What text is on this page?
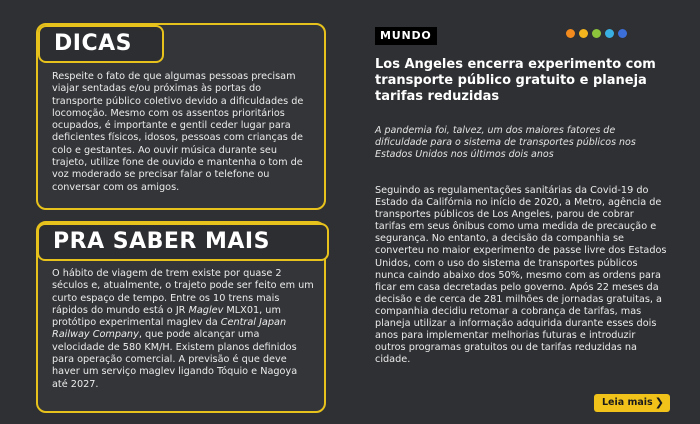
DICAS

Respeite o fato de que algumas pessoas precisam viajar sentadas e/ou próximas às portas do transporte público coletivo devido a dificuldades de locomoção. Mesmo com os assentos prioritários ocupados, é importante e gentil ceder lugar para deficientes físicos, idosos, pessoas com crianças de colo e gestantes. Ao ouvir música durante seu trajeto, utilize fone de ouvido e mantenha o tom de voz moderado se precisar falar o telefone ou conversar com os amigos.

PRA SABER MAIS

O hábito de viagem de trem existe por quase 2 séculos e, atualmente, o trajeto pode ser feito em um curto espaço de tempo. Entre os 10 trens mais rápidos do mundo está o JR Maglev MLX01, um protótipo experimental maglev da Central Japan Railway Company, que pode alcançar uma velocidade de 580 KM/H. Existem planos definidos para operação comercial. A previsão é que deve haver um serviço maglev ligando Tóquio e Nagoya até 2027.

MUNDO
Los Angeles encerra experimento com transporte público gratuito e planeja tarifas reduzidas

A pandemia foi, talvez, um dos maiores fatores de dificuldade para o sistema de transportes públicos nos Estados Unidos nos últimos dois anos

Seguindo as regulamentações sanitárias da Covid-19 do Estado da Califórnia no início de 2020, a Metro, agência de transportes públicos de Los Angeles, parou de cobrar tarifas em seus ônibus como uma medida de precaução e segurança. No entanto, a decisão da companhia se converteu no maior experimento de passe livre dos Estados Unidos, com o uso do sistema de transportes públicos nunca caindo abaixo dos 50%, mesmo com as ordens para ficar em casa decretadas pelo governo. Após 22 meses da decisão e de cerca de 281 milhões de jornadas gratuitas, a companhia decidiu retomar a cobrança de tarifas, mas planeja utilizar a informação adquirida durante esses dois anos para implementar melhorias futuras e introduzir outros programas gratuitos ou de tarifas reduzidas na cidade.

Leia mais ❯
